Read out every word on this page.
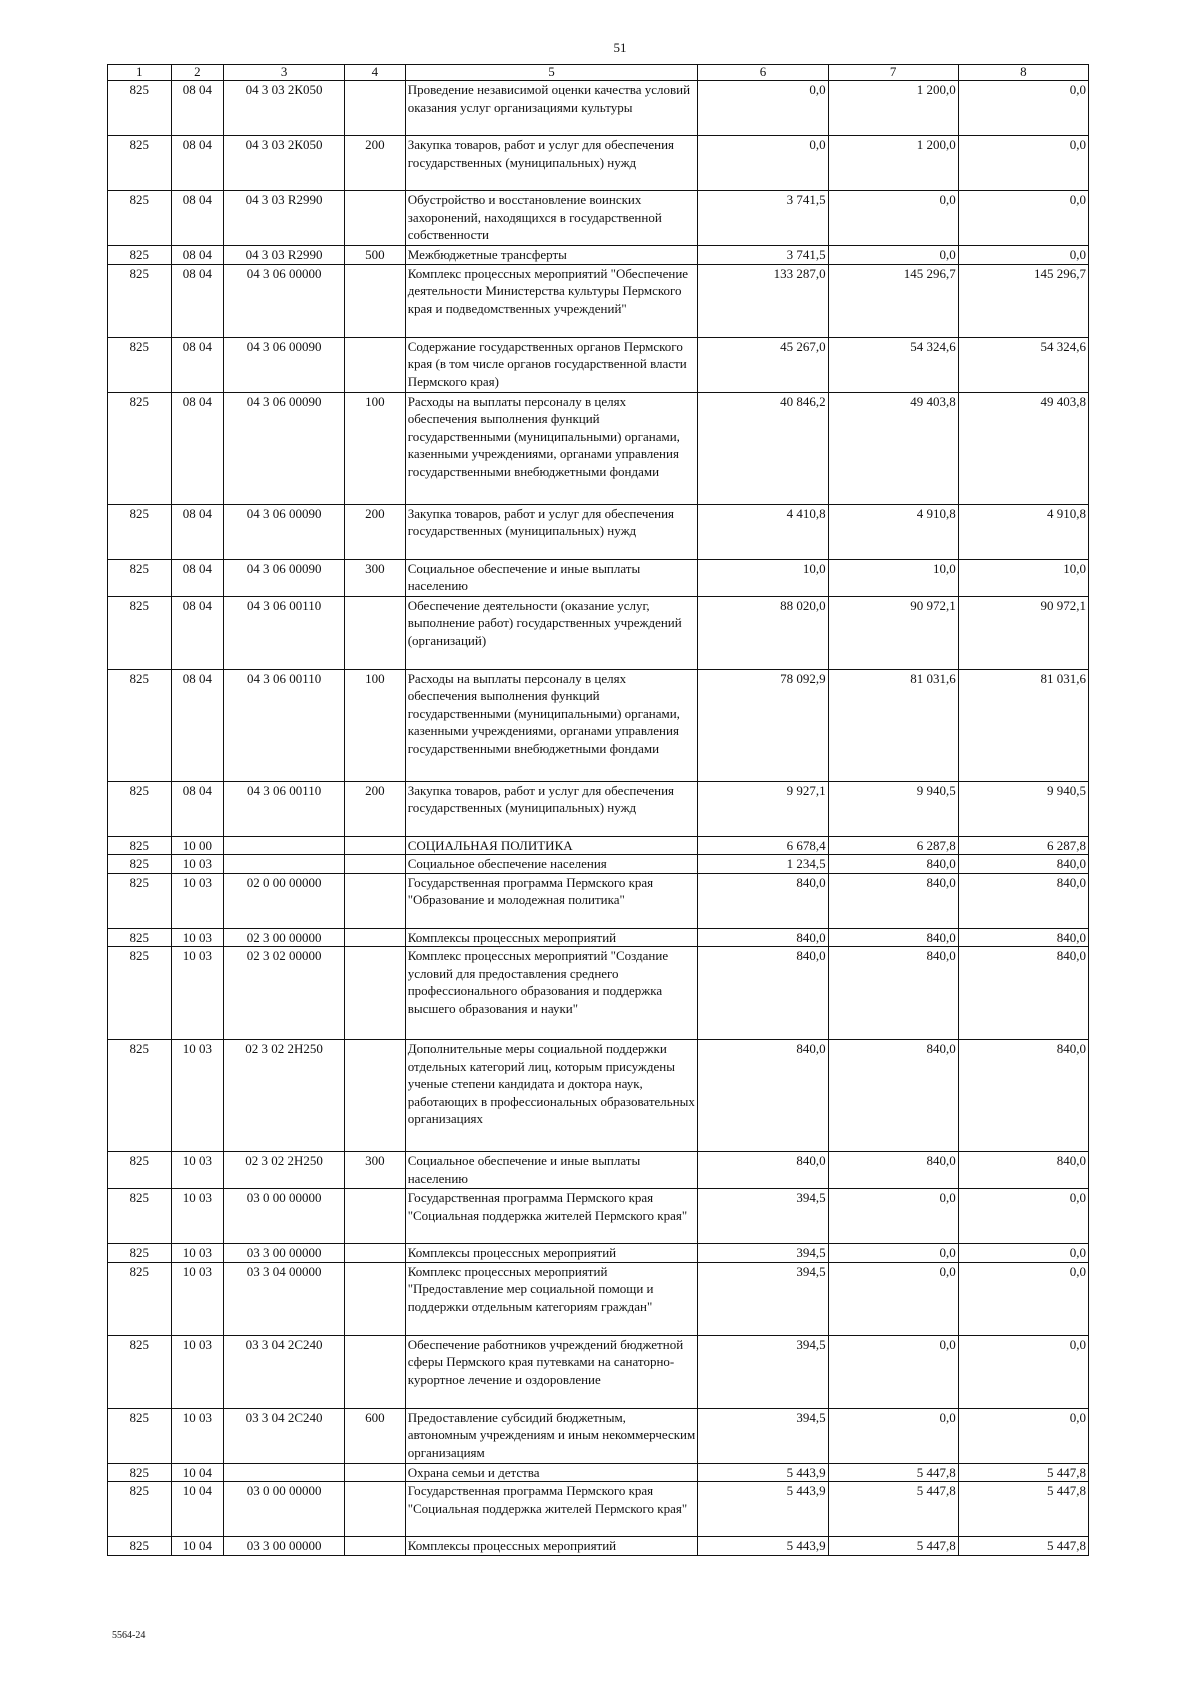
51
1	2	3	4	5	6	7	8
825	08 04	04 3 03 2К050		Проведение независимой оценки качества условий оказания услуг организациями культуры	0,0	1 200,0	0,0
825	08 04	04 3 03 2К050	200	Закупка товаров, работ и услуг для обеспечения государственных (муниципальных) нужд	0,0	1 200,0	0,0
825	08 04	04 3 03 R2990		Обустройство и восстановление воинских захоронений, находящихся в государственной собственности	3 741,5	0,0	0,0
825	08 04	04 3 03 R2990	500	Межбюджетные трансферты	3 741,5	0,0	0,0
825	08 04	04 3 06 00000		Комплекс процессных мероприятий "Обеспечение деятельности Министерства культуры Пермского края и подведомственных учреждений"	133 287,0	145 296,7	145 296,7
825	08 04	04 3 06 00090		Содержание государственных органов Пермского края (в том числе органов государственной власти Пермского края)	45 267,0	54 324,6	54 324,6
825	08 04	04 3 06 00090	100	Расходы на выплаты персоналу в целях обеспечения выполнения функций государственными (муниципальными) органами, казенными учреждениями, органами управления государственными внебюджетными фондами	40 846,2	49 403,8	49 403,8
825	08 04	04 3 06 00090	200	Закупка товаров, работ и услуг для обеспечения государственных (муниципальных) нужд	4 410,8	4 910,8	4 910,8
825	08 04	04 3 06 00090	300	Социальное обеспечение и иные выплаты населению	10,0	10,0	10,0
825	08 04	04 3 06 00110		Обеспечение деятельности (оказание услуг, выполнение работ) государственных учреждений (организаций)	88 020,0	90 972,1	90 972,1
825	08 04	04 3 06 00110	100	Расходы на выплаты персоналу в целях обеспечения выполнения функций государственными (муниципальными) органами, казенными учреждениями, органами управления государственными внебюджетными фондами	78 092,9	81 031,6	81 031,6
825	08 04	04 3 06 00110	200	Закупка товаров, работ и услуг для обеспечения государственных (муниципальных) нужд	9 927,1	9 940,5	9 940,5
825	10 00			СОЦИАЛЬНАЯ ПОЛИТИКА	6 678,4	6 287,8	6 287,8
825	10 03			Социальное обеспечение населения	1 234,5	840,0	840,0
825	10 03	02 0 00 00000		Государственная программа Пермского края "Образование и молодежная политика"	840,0	840,0	840,0
825	10 03	02 3 00 00000		Комплексы процессных мероприятий	840,0	840,0	840,0
825	10 03	02 3 02 00000		Комплекс процессных мероприятий "Создание условий для предоставления среднего профессионального образования и поддержка высшего образования и науки"	840,0	840,0	840,0
825	10 03	02 3 02 2Н250		Дополнительные меры социальной поддержки отдельных категорий лиц, которым присуждены ученые степени кандидата и доктора наук, работающих в профессиональных образовательных организациях	840,0	840,0	840,0
825	10 03	02 3 02 2Н250	300	Социальное обеспечение и иные выплаты населению	840,0	840,0	840,0
825	10 03	03 0 00 00000		Государственная программа Пермского края "Социальная поддержка жителей Пермского края"	394,5	0,0	0,0
825	10 03	03 3 00 00000		Комплексы процессных мероприятий	394,5	0,0	0,0
825	10 03	03 3 04 00000		Комплекс процессных мероприятий "Предоставление мер социальной помощи и поддержки отдельным категориям граждан"	394,5	0,0	0,0
825	10 03	03 3 04 2С240		Обеспечение работников учреждений бюджетной сферы Пермского края путевками на санаторно-курортное лечение и оздоровление	394,5	0,0	0,0
825	10 03	03 3 04 2С240	600	Предоставление субсидий бюджетным, автономным учреждениям и иным некоммерческим организациям	394,5	0,0	0,0
825	10 04			Охрана семьи и детства	5 443,9	5 447,8	5 447,8
825	10 04	03 0 00 00000		Государственная программа Пермского края "Социальная поддержка жителей Пермского края"	5 443,9	5 447,8	5 447,8
825	10 04	03 3 00 00000		Комплексы процессных мероприятий	5 443,9	5 447,8	5 447,8
5564-24
